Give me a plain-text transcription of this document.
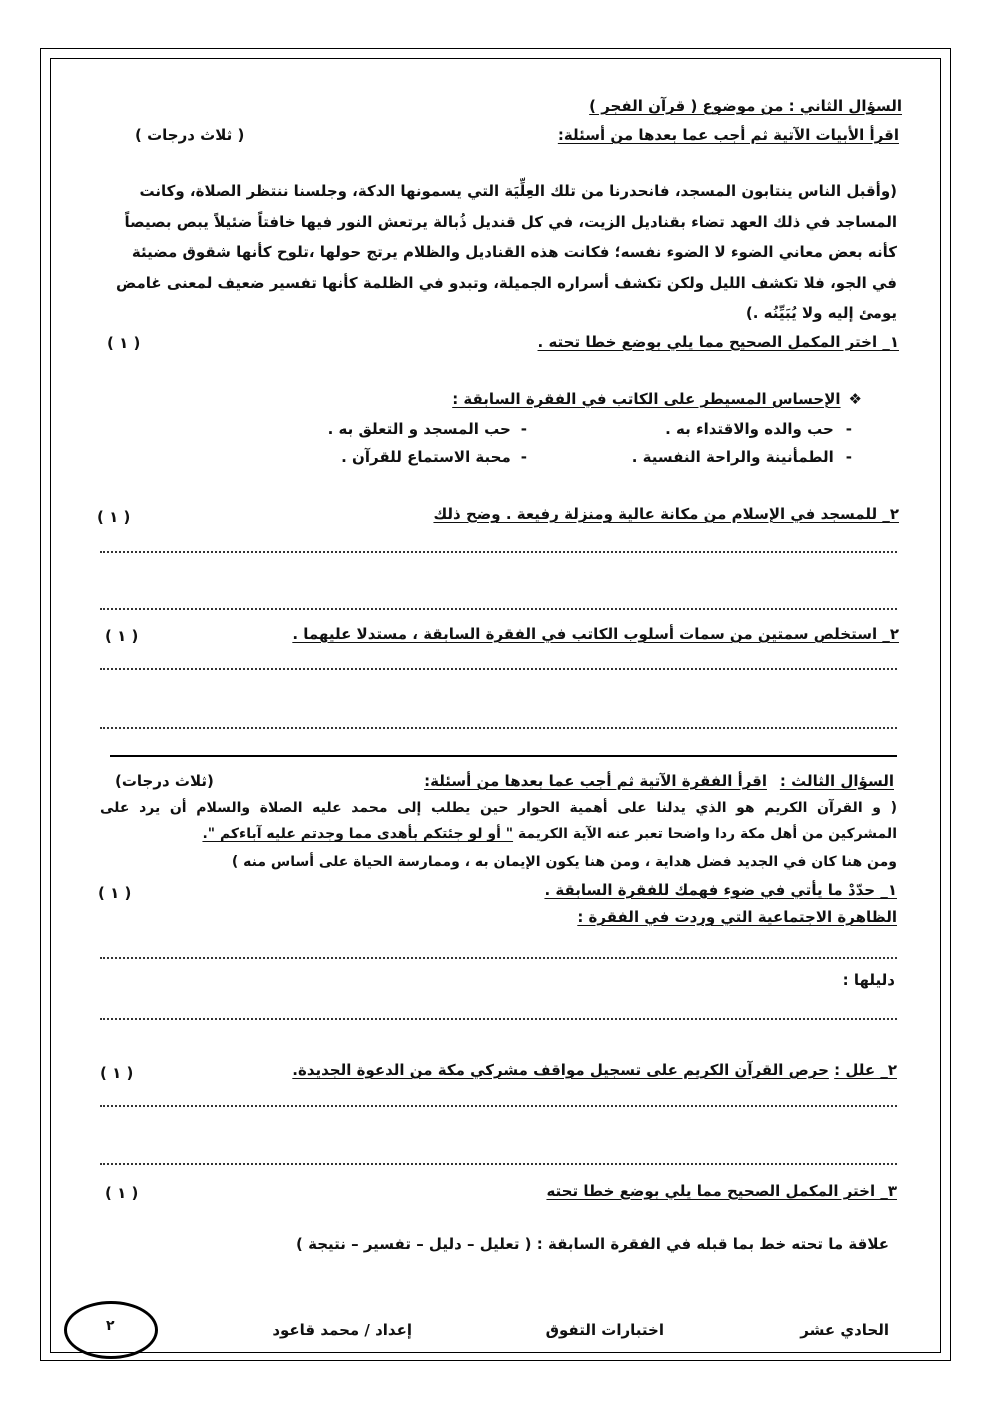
السؤال الثاني : من موضوع ( قرآن الفجر )
اقرأ الأبيات الآتية ثم أجب عما بعدها من أسئلة:
( ثلاث درجات )
(وأقبل الناس ينتابون المسجد، فانحدرنا من تلك العِلِّيَة التي يسمونها الدكة، وجلسنا ننتظر الصلاة، وكانت
المساجد في ذلك العهد تضاء بقناديل الزيت، في كل قنديل ذُبالة يرتعش النور فيها خافتاً ضئيلاً يبص بصيصاً
كأنه بعض معاني الضوء لا الضوء نفسه؛ فكانت هذه القناديل والظلام يرتج حولها ،تلوح كأنها شقوق مضيئة
في الجو، فلا تكشف الليل ولكن تكشف أسراره الجميلة، وتبدو في الظلمة كأنها تفسير ضعيف لمعنى غامض
يومئ إليه ولا يُبَيِّنُه .)
١_ اختر المكمل الصحيح مما يلي بوضع خطا تحته .
( ١ )
❖الإحساس المسيطر على الكاتب في الفقرة السابقة :
-حب والده والاقتداء به .
-حب المسجد و التعلق به .
-الطمأنينة والراحة النفسية .
-محبة الاستماع للقرآن .
٢_ للمسجد في الإسلام من مكانة عالية ومنزلة رفيعة . وضح ذلك
( ١ )
٢_ استخلص سمتين من سمات أسلوب الكاتب في الفقرة السابقة ، مستدلا عليهما .
( ١ )
السؤال الثالث :
اقرأ الفقرة الآتية ثم أجب عما بعدها من أسئلة:
(ثلاث درجات)
( و القرآن الكريم هو الذي يدلنا على أهمية الحوار حين يطلب إلى محمد عليه الصلاة والسلام أن يرد على
المشركين من أهل مكة ردا واضحا تعبر عنه الآية الكريمة " أو لو جئتكم بأهدى مما وجدتم عليه آباءكم ".
ومن هنا كان في الجديد فضل هداية ، ومن هنا يكون الإيمان به ، وممارسة الحياة على أساس منه )
١_ حدّدْ ما يأتي في ضوء فهمك للفقرة السابقة .
( ١ )
الظاهرة الاجتماعية التي وردت في الفقرة :
دليلها :
٢_ علل : حرص القرآن الكريم على تسجيل مواقف مشركي مكة من الدعوة الجديدة.
( ١ )
٣_ اختر المكمل الصحيح مما يلي بوضع خطا تحته
( ١ )
علاقة ما تحته خط بما قبله في الفقرة السابقة : ( تعليل – دليل – تفسير – نتيجة )
الحادي عشر
اختبارات التفوق
إعداد / محمد قاعود
٢
